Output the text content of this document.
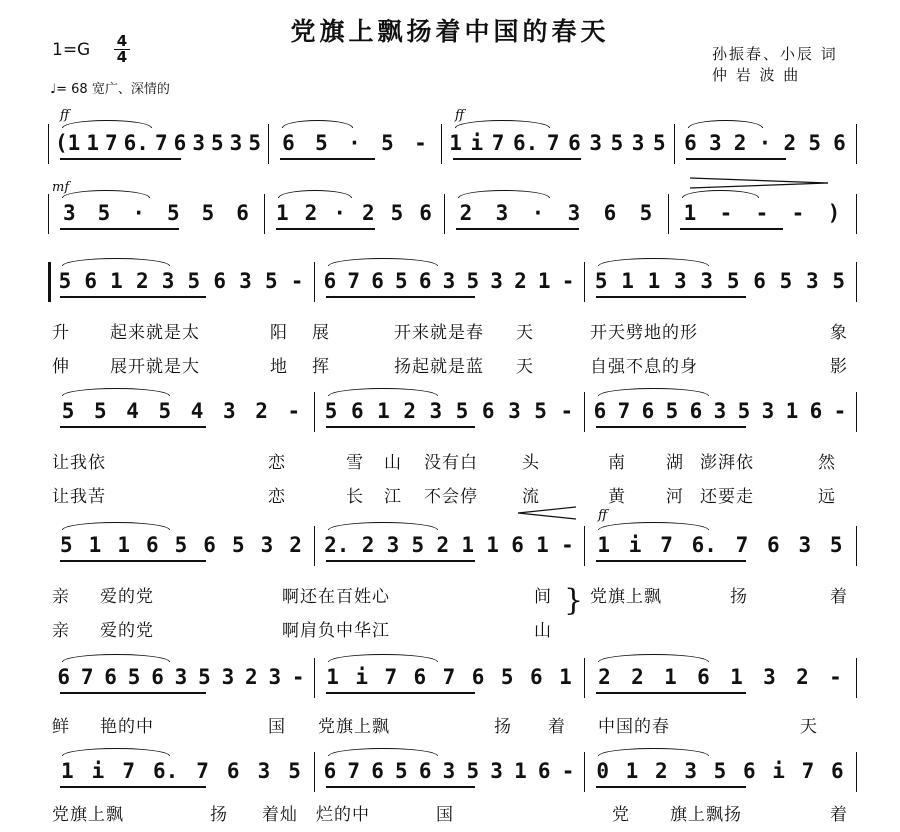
党旗上飘扬着中国的春天
$1=G \frac{4}{4}$
♩= 68 宽广、深情的
孙振春、小辰 词
仲 岩 波 曲
(1 1 7 6. 7 6 3 5 3 5 6 5 · 5 - 1 i 7 6. 7 6 3 5 3 5 6 3 2 · 2 5 6
ff	ff
3 5 · 5 5 6 1 2 · 2 5 6 2 3 · 3 6 5 1 - - - )
mf
5 6 1 2 3 5 6 3 5 - 6 7 6 5 6 3 5 3 2 1 - 5 1 1 3 3 5 6 5 3 5
升 起来就是太	阳 展	开来就是春 天	开天劈地的形	象
伸 展开就是大	地 挥	扬起就是蓝 天	自强不息的身	影
5 5 4 5 4 3 2 - 5 6 1 2 3 5 6 3 5 - 6 7 6 5 6 3 5 3 1 6 -
让我依	恋	雪 山 没有白	头	南 湖 澎湃依	然
让我苦	恋	长 江 不会停	流	黄 河 还要走	远
5 1 1 6 5 6 5 3 2 2. 2 3 5 2 1 1 6 1 - 1 i 7 6. 7 6 3 5
ff
亲 爱的党	啊还在百姓心	间 党旗上飘	扬	着
亲 爱的党	啊肩负中华江	山
6 7 6 5 6 3 5 3 2 3 - 1 i 7 6 7 6 5 6 1 2 2 1 6 1 3 2 -
鲜 艳的中	国 党旗上飘	扬 着 中国的春	天
1 i 7 6. 7 6 3 5 6 7 6 5 6 3 5 3 1 6 - 0 1 2 3 5 6 i 7 6
党旗上飘	扬 着灿 烂的中	国	党 旗上飘扬	着
}
